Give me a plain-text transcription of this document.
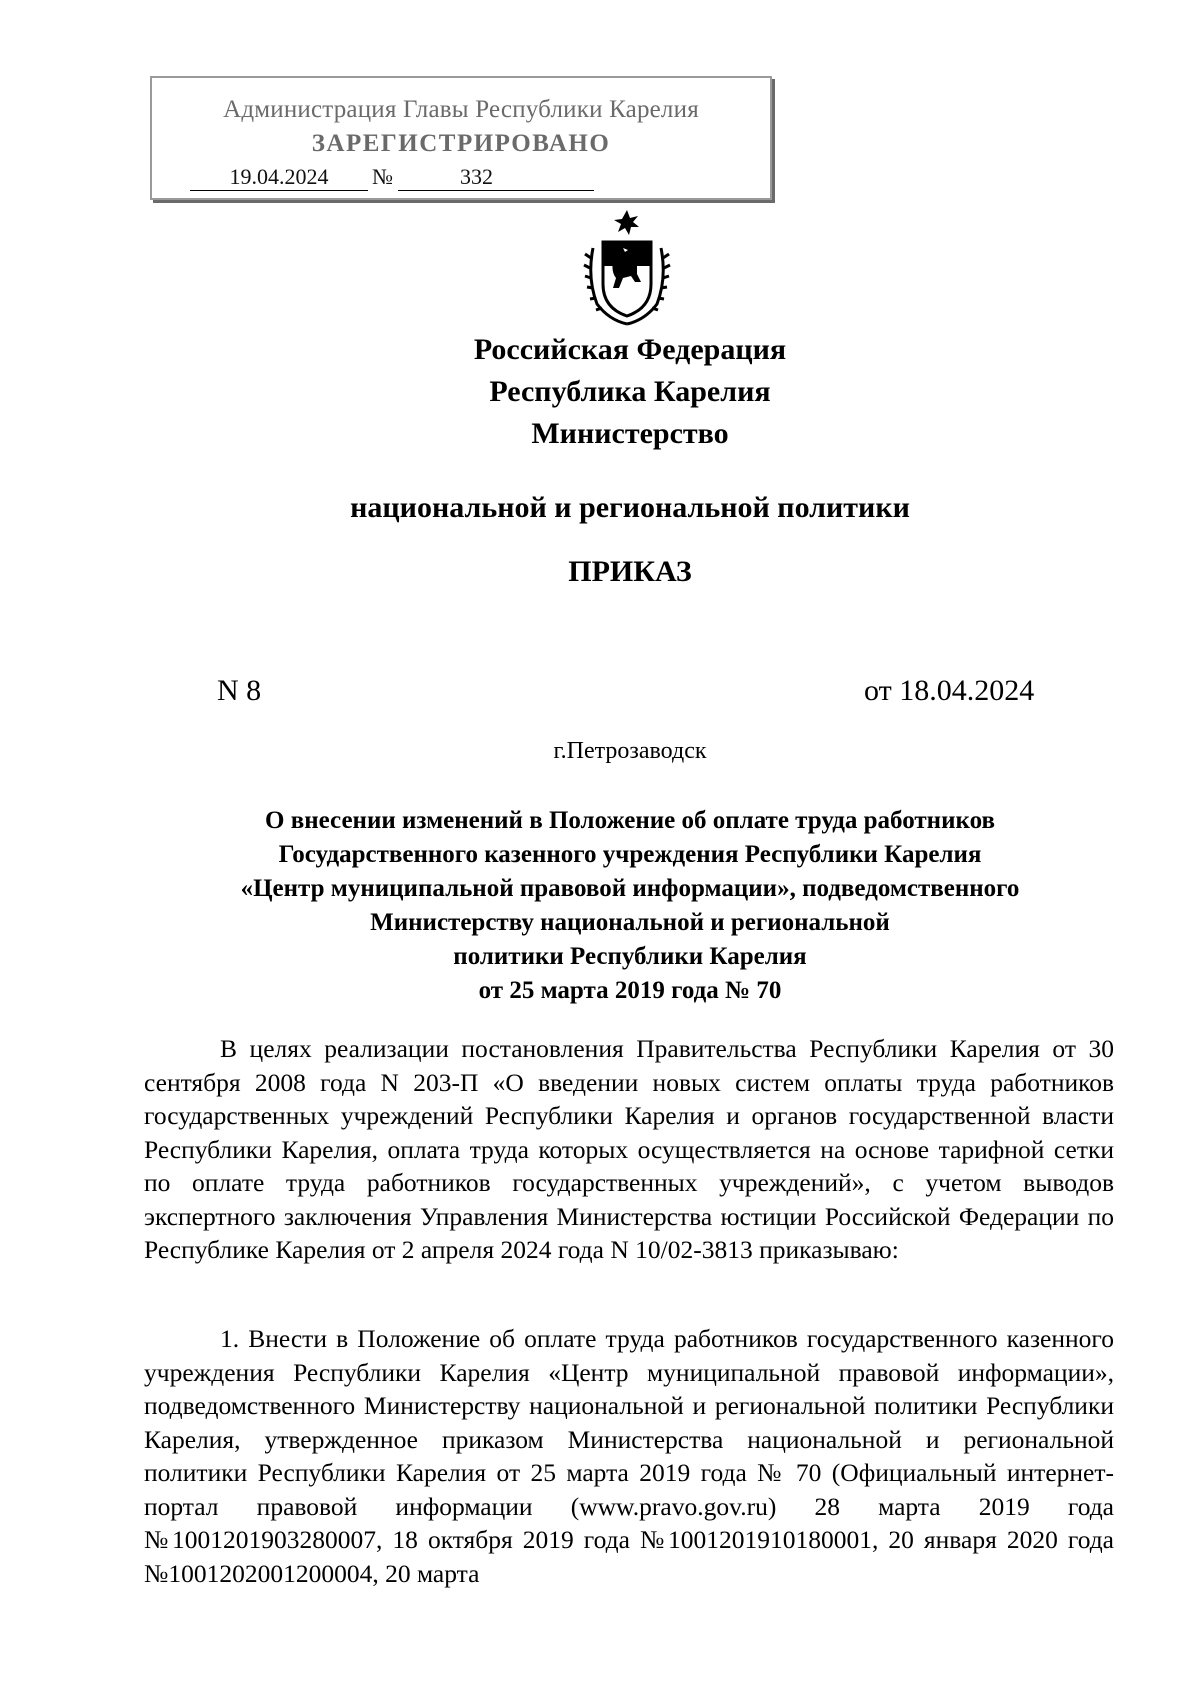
Администрация Главы Республики Карелия
ЗАРЕГИСТРИРОВАНО
19.04.2024	№	332
Российская Федерация
Республика Карелия
Министерство
национальной и региональной политики
ПРИКАЗ
N 8	от 18.04.2024
г.Петрозаводск
О внесении изменений в Положение об оплате труда работников
Государственного казенного учреждения Республики Карелия
«Центр муниципальной правовой информации», подведомственного
Министерству национальной и региональной
политики Республики Карелия
от 25 марта 2019 года № 70

В целях реализации постановления Правительства Республики Карелия от 30 сентября 2008 года N 203-П «О введении новых систем оплаты труда работников государственных учреждений Республики Карелия и органов государственной власти Республики Карелия, оплата труда которых осуществляется на основе тарифной сетки по оплате труда работников государственных учреждений», с учетом выводов экспертного заключения Управления Министерства юстиции Российской Федерации по Республике Карелия от 2 апреля 2024 года N 10/02-3813 приказываю:

1. Внести в Положение об оплате труда работников государственного казенного учреждения Республики Карелия «Центр муниципальной правовой информации», подведомственного Министерству национальной и региональной политики Республики Карелия, утвержденное приказом Министерства национальной и региональной политики Республики Карелия от 25 марта 2019 года № 70 (Официальный интернет-портал правовой информации (www.pravo.gov.ru) 28 марта 2019 года №1001201903280007, 18 октября 2019 года №1001201910180001, 20 января 2020 года №1001202001200004, 20 марта
